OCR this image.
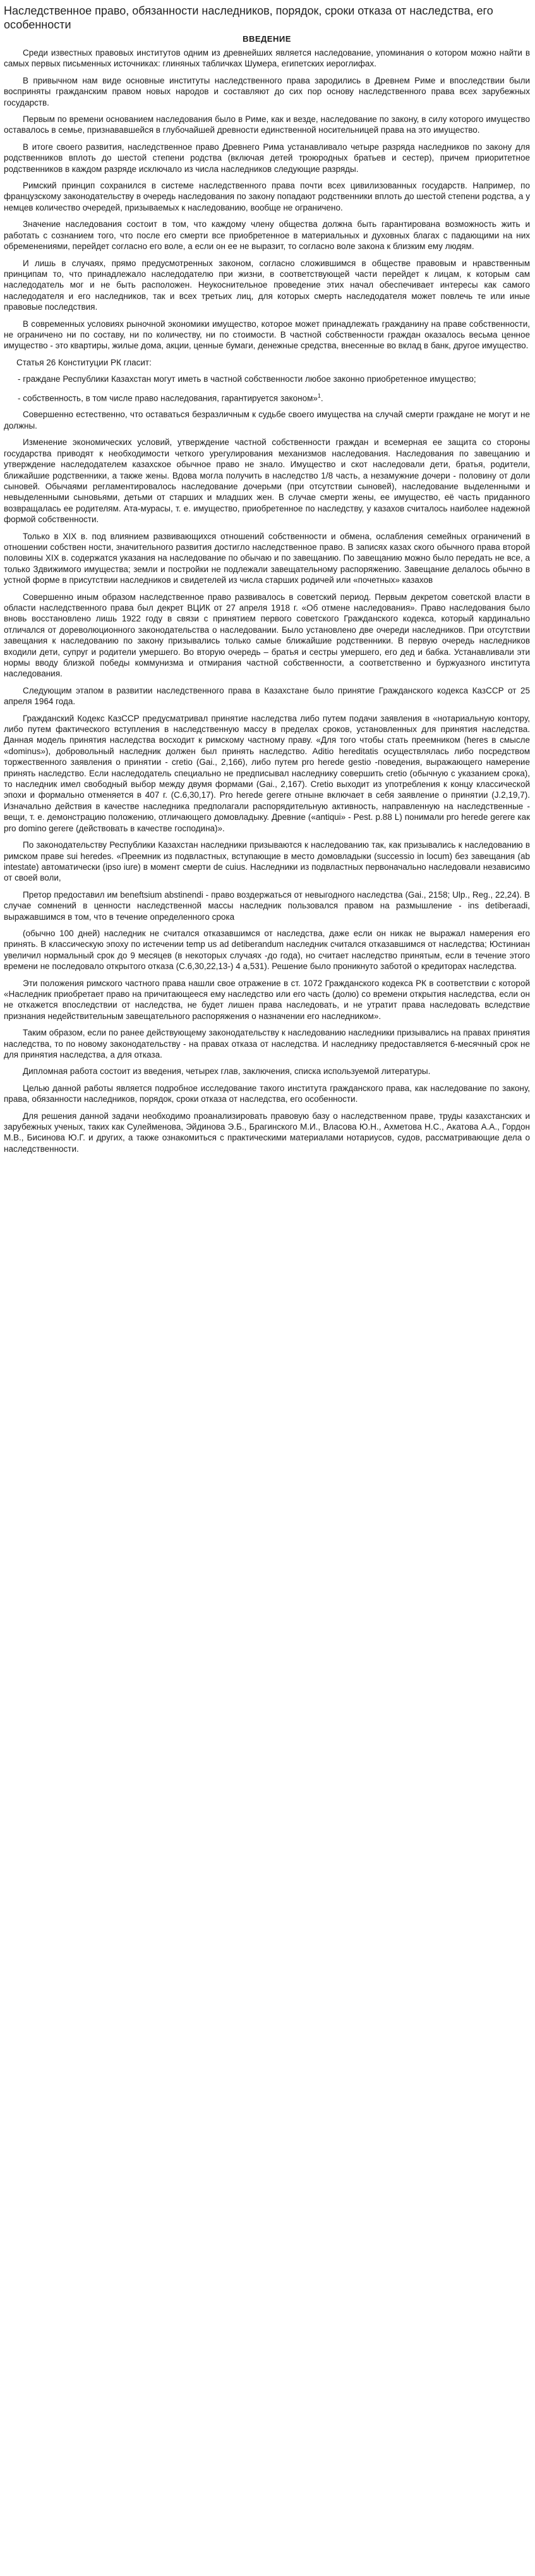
Наследственное право, обязанности наследников, порядок, сроки отказа от наследства, его особенности
ВВЕДЕНИЕ

Среди известных правовых институтов одним из древнейших является наследование, упоминания о котором можно найти в самых первых письменных источниках: глиняных табличках Шумера, египетских иероглифах.

В привычном нам виде основные институты наследственного права зародились в Древнем Риме и впоследствии были восприняты гражданским правом новых народов и составляют до сих пор основу наследственного права всех зарубежных государств.

Первым по времени основанием наследования было в Риме, как и везде, наследование по закону, в силу которого имущество оставалось в семье, признававшейся в глубочайшей древности единственной носительницей права на это имущество.

В итоге своего развития, наследственное право Древнего Рима устанавливало четыре разряда наследников по закону для родственников вплоть до шестой степени родства (включая детей троюродных братьев и сестер), причем приоритетное родственников в каждом разряде исключало из числа наследников следующие разряды.

Римский принцип сохранился в системе наследственного права почти всех цивилизованных государств. Например, по французскому законодательству в очередь наследования по закону попадают родственники вплоть до шестой степени родства, а у немцев количество очередей, призываемых к наследованию, вообще не ограничено.

Значение наследования состоит в том, что каждому члену общества должна быть гарантирована возможность жить и работать с сознанием того, что после его смерти все приобретенное в материальных и духовных благах с падающими на них обременениями, перейдет согласно его воле, а если он ее не выразит, то согласно воле закона к близким ему людям.

И лишь в случаях, прямо предусмотренных законом, согласно сложившимся в обществе правовым и нравственным принципам то, что принадлежало наследодателю при жизни, в соответствующей части перейдет к лицам, к которым сам наследодатель мог и не быть расположен. Неукоснительное проведение этих начал обеспечивает интересы как самого наследодателя и его наследников, так и всех третьих лиц, для которых смерть наследодателя может повлечь те или иные правовые последствия.

В современных условиях рыночной экономики имущество, которое может принадлежать гражданину на праве собственности, не ограничено ни по составу, ни по количеству, ни по стоимости. В частной собственности граждан оказалось весьма ценное имущество - это квартиры, жилые дома, акции, ценные бумаги, денежные средства, внесенные во вклад в банк, другое имущество.

Статья 26 Конституции РК гласит:

- граждане Республики Казахстан могут иметь в частной собственности любое законно приобретенное имущество;

- собственность, в том числе право наследования, гарантируется законом»$^1$.

Совершенно естественно, что оставаться безразличным к судьбе своего имущества на случай смерти граждане не могут и не должны.

Изменение экономических условий, утверждение частной собственности граждан и всемерная ее защита со стороны государства приводят к необходимости четкого урегулирования механизмов наследования. Наследования по завещанию и утверждение наследодателем казахское обычное право не знало. Имущество и скот наследовали дети, братья, родители, ближайшие родственники, а также жены. Вдова могла получить в наследство 1/8 часть, а незамужние дочери - половину от доли сыновей. Обычаями регламентировалось наследование дочерьми (при отсутствии сыновей), наследование выделенными и невыделенными сыновьями, детьми от старших и младших жен. В случае смерти жены, ее имущество, её часть приданного возвращалась ее родителям. Ата-мурасы, т. е. имущество, приобретенное по наследству, у казахов считалось наиболее надежной формой собственности.

Только в XIX в. под влиянием развивающихся отношений собственности и обмена, ослабления семейных ограничений в отношении собствен ности, значительного развития достигло наследственное право. В записях казах ского обычного права второй половины XIX в. содержатся указания на наследование по обычаю и по завещанию. По завещанию можно было передать не все, а только Здвижимого имущества; земли и постройки не подлежали завещательному распоряжению. Завещание делалось обычно в устной форме в присутствии наследников и свидетелей из числа старших родичей или «почетных» казахов

Совершенно иным образом наследственное право развивалось в советский период. Первым декретом советской власти в области наследственного права был декрет ВЦИК от 27 апреля 1918 г. «Об отмене наследования». Право наследования было вновь восстановлено лишь 1922 году в связи с принятием первого советского Гражданского кодекса, который кардинально отличался от дореволюционного законодательства о наследовании. Было установлено две очереди наследников. При отсутствии завещания к наследованию по закону призывались только самые ближайшие родственники. В первую очередь наследников входили дети, супруг и родители умершего. Во вторую очередь – братья и сестры умершего, его дед и бабка. Устанавливали эти нормы вводу близкой победы коммунизма и отмирания частной собственности, а соответственно и буржуазного института наследования.

Следующим этапом в развитии наследственного права в Казахстане было принятие Гражданского кодекса КазССР от 25 апреля 1964 года.

Гражданский Кодекс КазССР предусматривал принятие наследства либо путем подачи заявления в «нотариальную контору, либо путем фактического вступления в наследственную массу в пределах сроков, установленных для принятия наследства. Данная модель принятия наследства восходит к римскому частному праву. «Для того чтобы стать преемником (heres в смысле «dominus»), добровольный наследник должен был принять наследство. Aditio hereditatis осуществлялась либо посредством торжественного заявления о принятии - cretio (Gai., 2,166), либо путем pro herede gestio -поведения, выражающего намерение принять наследство. Если наследодатель специально не предписывал наследнику совершить cretio (обычную с указанием срока), то наследник имел свободный выбор между двумя формами (Gai., 2,167). Cretio выходит из употребления к концу классической эпохи и формально отменяется в 407 г. (С.6,30,17). Pro herede gerere отныне включает в себя заявление о принятии (J.2,19,7). Изначально действия в качестве наследника предполагали распорядительную активность, направленную на наследственные - вещи, т. е. демонстрацию положению, отличающего домовладыку. Древние («antiqui» - Pest. p.88 L) понимали pro herede gerere как pro domino gerere (действовать в качестве господина)».

По законодательству Республики Казахстан наследники призываются к наследованию так, как призывались к наследованию в римском праве sui heredes. «Преемник из подвластных, вступающие в место домовладыки (successio in locum) без завещания (ab intestate) автоматически (ipso iure) в момент смерти de cuius. Наследники из подвластных первоначально наследовали независимо от своей воли,

Претор предоставил им beneftsium abstinendi - право воздержаться от невыгодного наследства (Gai., 2158; Ulp., Reg., 22,24). В случае сомнений в ценности наследственной массы наследник пользовался правом на размышление - ins detiberaadi, выражавшимся в том, что в течение определенного срока

(обычно 100 дней) наследник не считался отказавшимся от наследства, даже если он никак не выражал намерения его принять. В классическую эпоху по истечении temp us ad detiberandum наследник считался отказавшимся от наследства; Юстиниан увеличил нормальный срок до 9 месяцев (в некоторых случаях -до года), но считает наследство принятым, если в течение этого времени не последовало открытого отказа (С.6,30,22,13-) 4 а,531). Решение было проникнуто заботой о кредиторах наследства.

Эти положения римского частного права нашли свое отражение в ст. 1072 Гражданского кодекса РК в соответствии с которой «Наследник приобретает право на причитающееся ему наследство или его часть (долю) со времени открытия наследства, если он не откажется впоследствии от наследства, не будет лишен права наследовать, и не утратит права наследовать вследствие признания недействительным завещательного распоряжения о назначении его наследником».

Таким образом, если по ранее действующему законодательству к наследованию наследники призывались на правах принятия наследства, то по новому законодательству - на правах отказа от наследства. И наследнику предоставляется 6-месячный срок не для принятия наследства, а для отказа.

Дипломная работа состоит из введения, четырех глав, заключения, списка используемой литературы.

Целью данной работы является подробное исследование такого института гражданского права, как наследование по закону, права, обязанности наследников, порядок, сроки отказа от наследства, его особенности.

Для решения данной задачи необходимо проанализировать правовую базу о наследственном праве, труды казахстанских и зарубежных ученых, таких как Сулейменова, Эйдинова Э.Б., Брагинского М.И., Власова Ю.Н., Ахметова Н.С., Акатова А.А., Гордон М.В., Бисинова Ю.Г. и других, а также ознакомиться с практическими материалами нотариусов, судов, рассматривающие дела о наследственности.
